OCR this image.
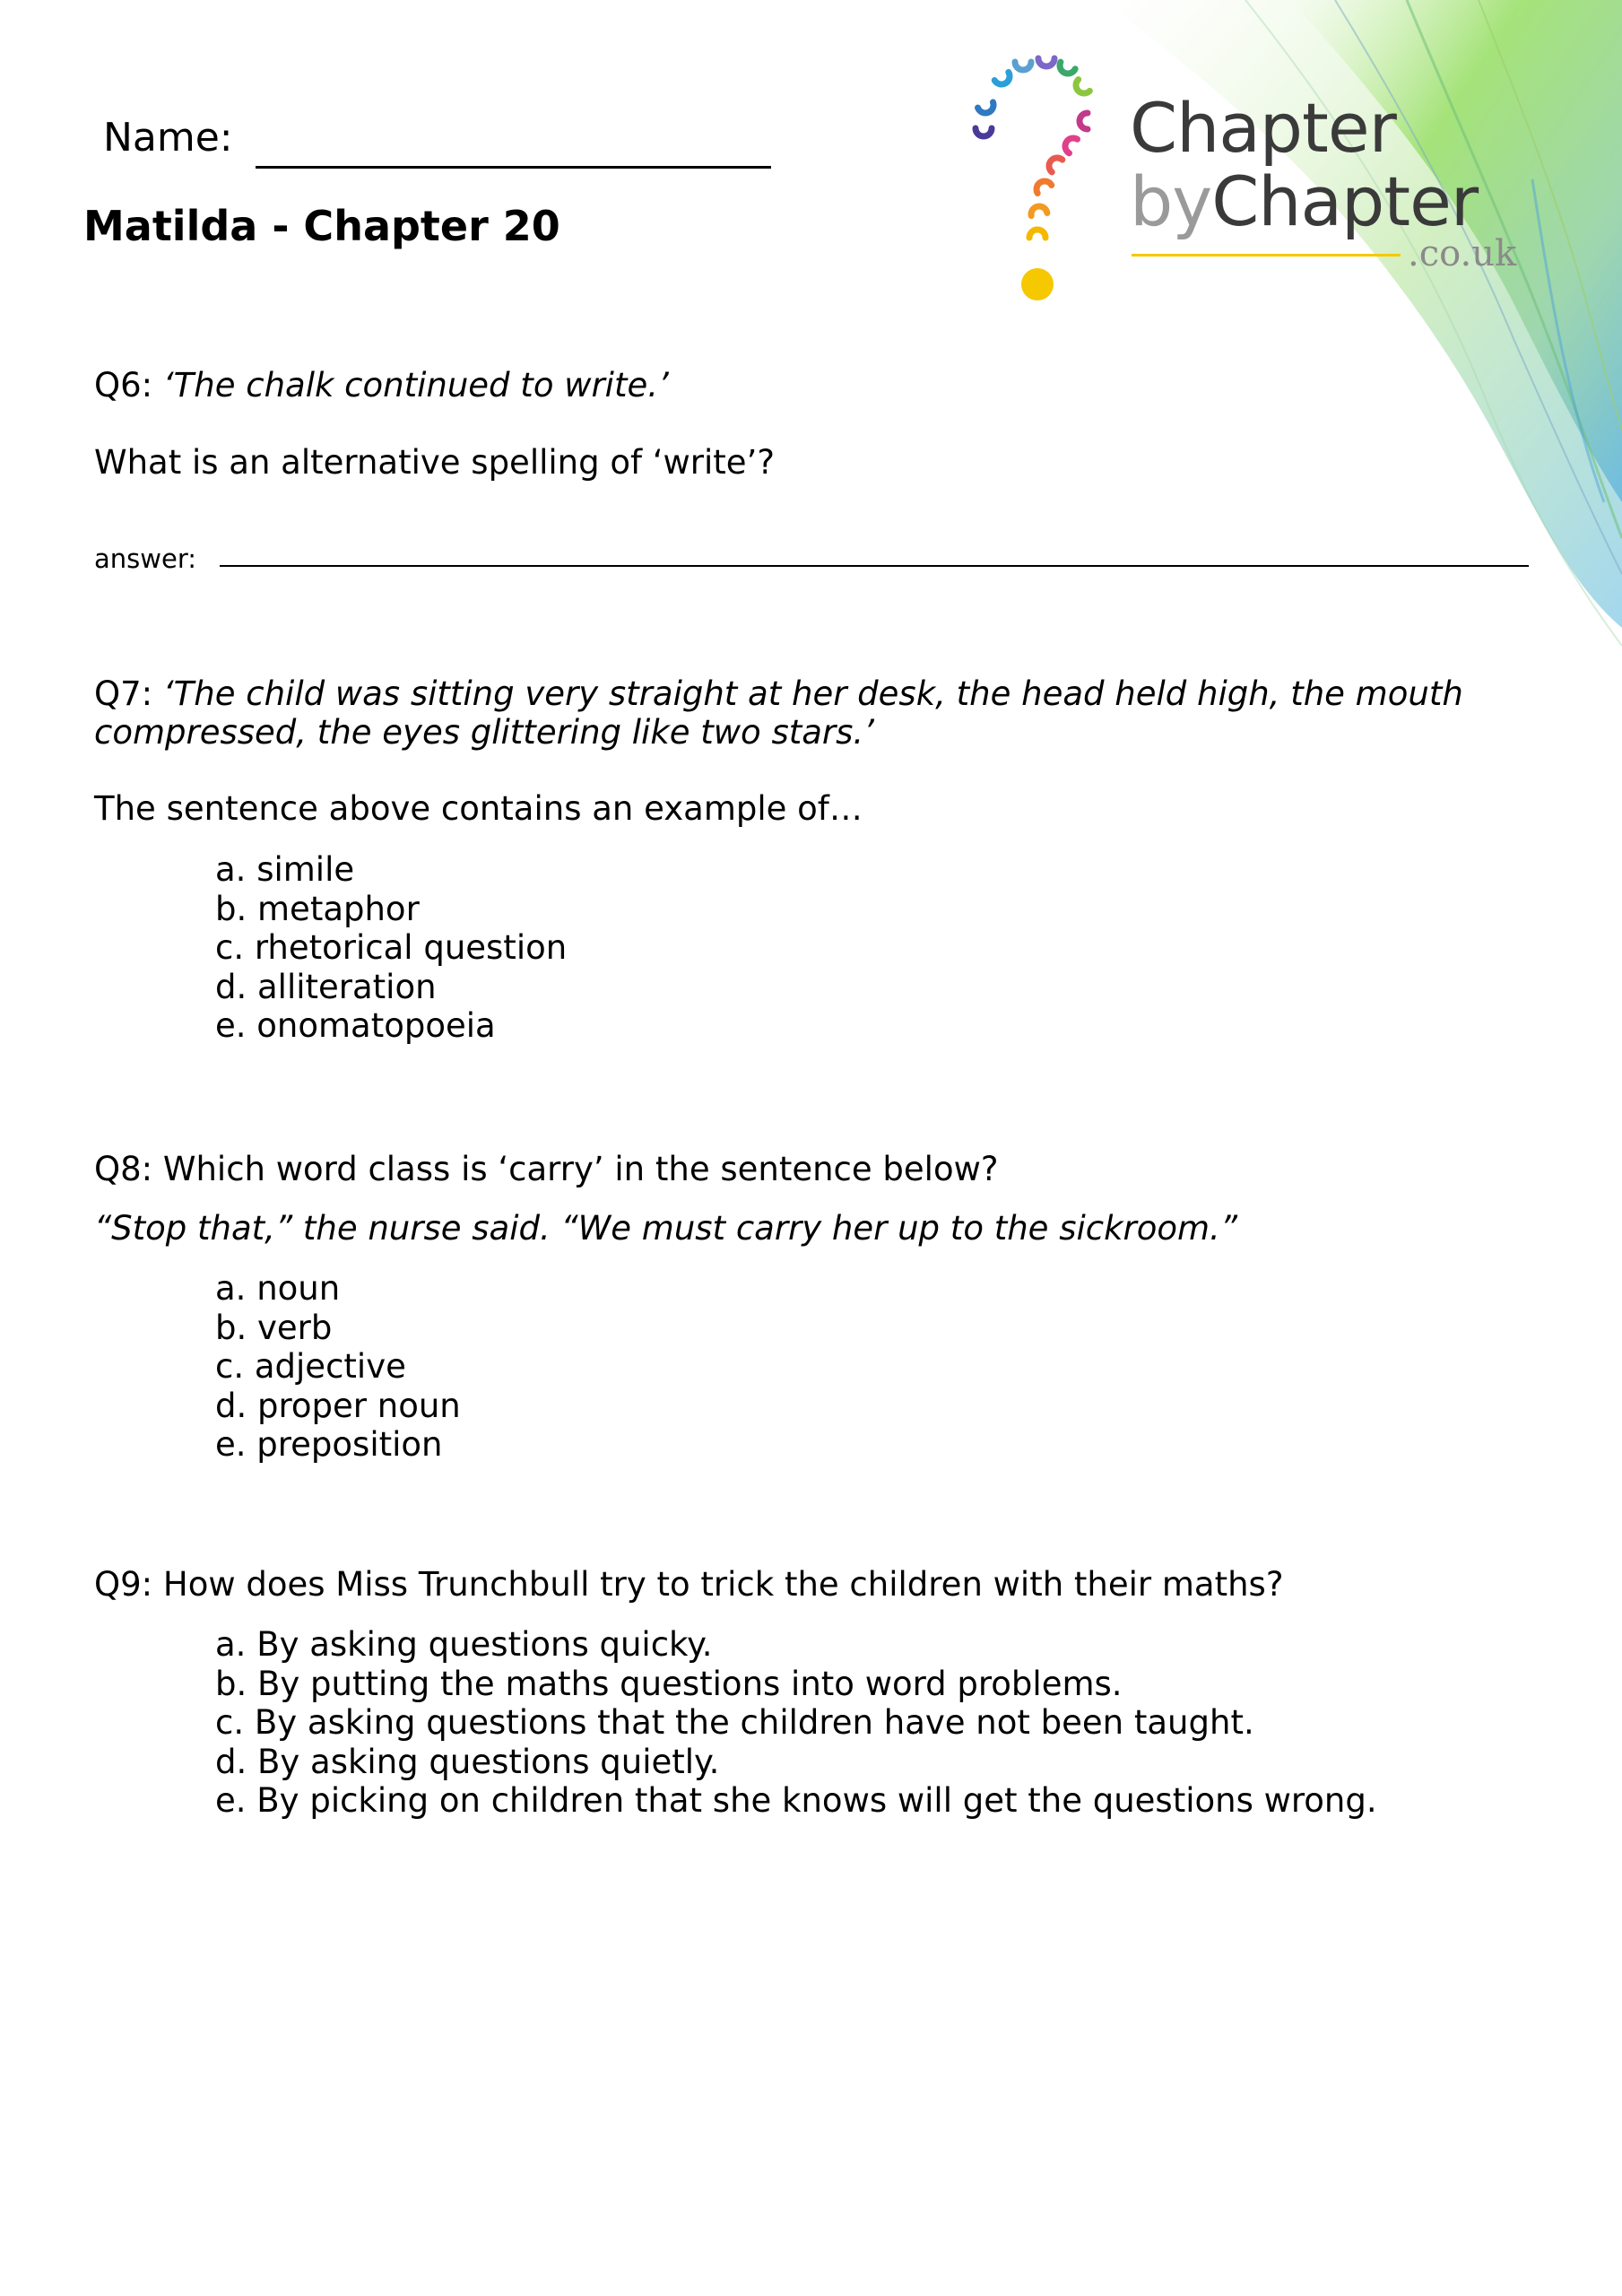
Chapter
byChapter
.co.uk
Name:
Matilda - Chapter 20
Q6: ‘The chalk continued to write.’
What is an alternative spelling of ‘write’?
answer:
Q7: ‘The child was sitting very straight at her desk, the head held high, the mouth compressed, the eyes glittering like two stars.’
The sentence above contains an example of…
a. simile
b. metaphor
c. rhetorical question
d. alliteration
e. onomatopoeia
Q8: Which word class is ‘carry’ in the sentence below?
“Stop that,” the nurse said. “We must carry her up to the sickroom.”
a. noun
b. verb
c. adjective
d. proper noun
e. preposition
Q9: How does Miss Trunchbull try to trick the children with their maths?
a. By asking questions quicky.
b. By putting the maths questions into word problems.
c. By asking questions that the children have not been taught.
d. By asking questions quietly.
e. By picking on children that she knows will get the questions wrong.
